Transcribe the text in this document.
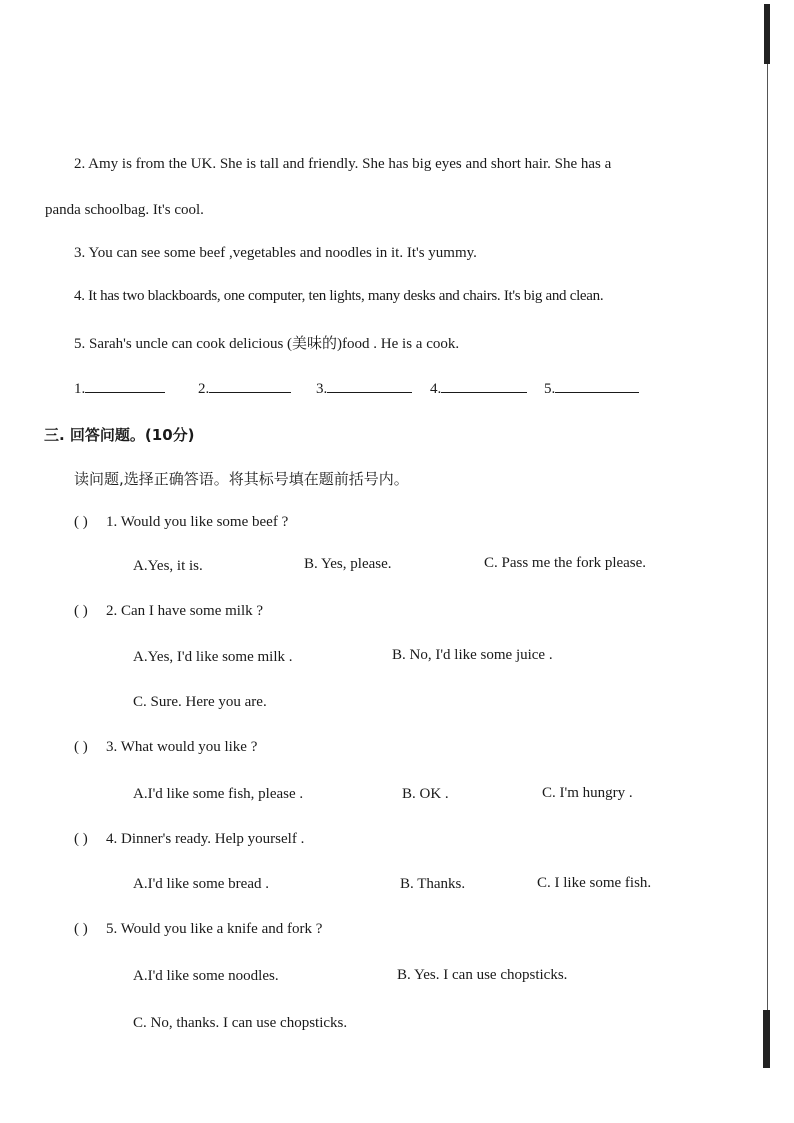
2. Amy is from the UK. She is tall and friendly. She has big eyes and short hair. She has a
panda schoolbag. It's cool.
3. You can see some beef ,vegetables and noodles in it. It's yummy.
4. It has two blackboards, one computer, ten lights, many desks and chairs. It's big and clean.
5. Sarah's uncle can cook delicious (美味的)food . He is a cook.
1.	2.	3.	4.	5.
三. 回答问题。(10分)
读问题,选择正确答语。将其标号填在题前括号内。
( ) 1. Would you like some beef ?
A.Yes, it is.	B. Yes, please.	C. Pass me the fork please.
( ) 2. Can I have some milk ?
A.Yes, I'd like some milk .	B. No, I'd like some juice .
C. Sure. Here you are.
( ) 3. What would you like ?
A.I'd like some fish, please .	B. OK .	C. I'm hungry .
( ) 4. Dinner's ready. Help yourself .
A.I'd like some bread .	B. Thanks.	C. I like some fish.
( ) 5. Would you like a knife and fork ?
A.I'd like some noodles.	B. Yes. I can use chopsticks.
C. No, thanks. I can use chopsticks.
